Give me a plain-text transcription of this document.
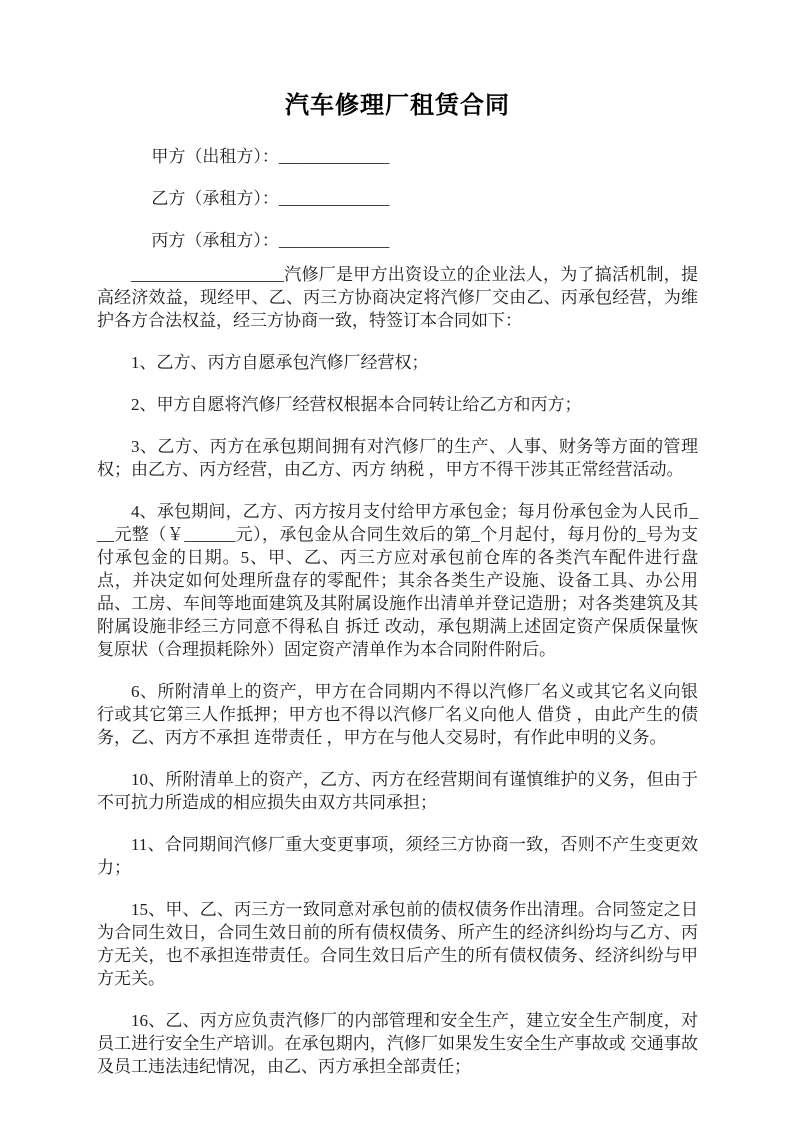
汽车修理厂租赁合同
甲方（出租方）：_____________
乙方（承租方）：_____________
丙方（承租方）：_____________

__________________汽修厂是甲方出资设立的企业法人，为了搞活机制，提高经济效益，现经甲、乙、丙三方协商决定将汽修厂交由乙、丙承包经营，为维护各方合法权益，经三方协商一致，特签订本合同如下：

1、乙方、丙方自愿承包汽修厂经营权；

2、甲方自愿将汽修厂经营权根据本合同转让给乙方和丙方；

3、乙方、丙方在承包期间拥有对汽修厂的生产、人事、财务等方面的管理权；由乙方、丙方经营，由乙方、丙方 纳税 ，甲方不得干涉其正常经营活动。

4、承包期间，乙方、丙方按月支付给甲方承包金；每月份承包金为人民币___元整（￥______元），承包金从合同生效后的第_个月起付，每月份的_号为支付承包金的日期。5、甲、乙、丙三方应对承包前仓库的各类汽车配件进行盘点，并决定如何处理所盘存的零配件；其余各类生产设施、设备工具、办公用品、工房、车间等地面建筑及其附属设施作出清单并登记造册；对各类建筑及其附属设施非经三方同意不得私自 拆迁 改动，承包期满上述固定资产保质保量恢复原状（合理损耗除外）固定资产清单作为本合同附件附后。

6、所附清单上的资产，甲方在合同期内不得以汽修厂名义或其它名义向银行或其它第三人作抵押；甲方也不得以汽修厂名义向他人 借贷 ，由此产生的债务，乙、丙方不承担 连带责任 ，甲方在与他人交易时，有作此申明的义务。

10、所附清单上的资产，乙方、丙方在经营期间有谨慎维护的义务，但由于不可抗力所造成的相应损失由双方共同承担；

11、合同期间汽修厂重大变更事项，须经三方协商一致，否则不产生变更效力；

15、甲、乙、丙三方一致同意对承包前的债权债务作出清理。合同签定之日为合同生效日，合同生效日前的所有债权债务、所产生的经济纠纷均与乙方、丙方无关，也不承担连带责任。合同生效日后产生的所有债权债务、经济纠纷与甲方无关。

16、乙、丙方应负责汽修厂的内部管理和安全生产，建立安全生产制度，对员工进行安全生产培训。在承包期内，汽修厂如果发生安全生产事故或 交通事故 及员工违法违纪情况，由乙、丙方承担全部责任；
